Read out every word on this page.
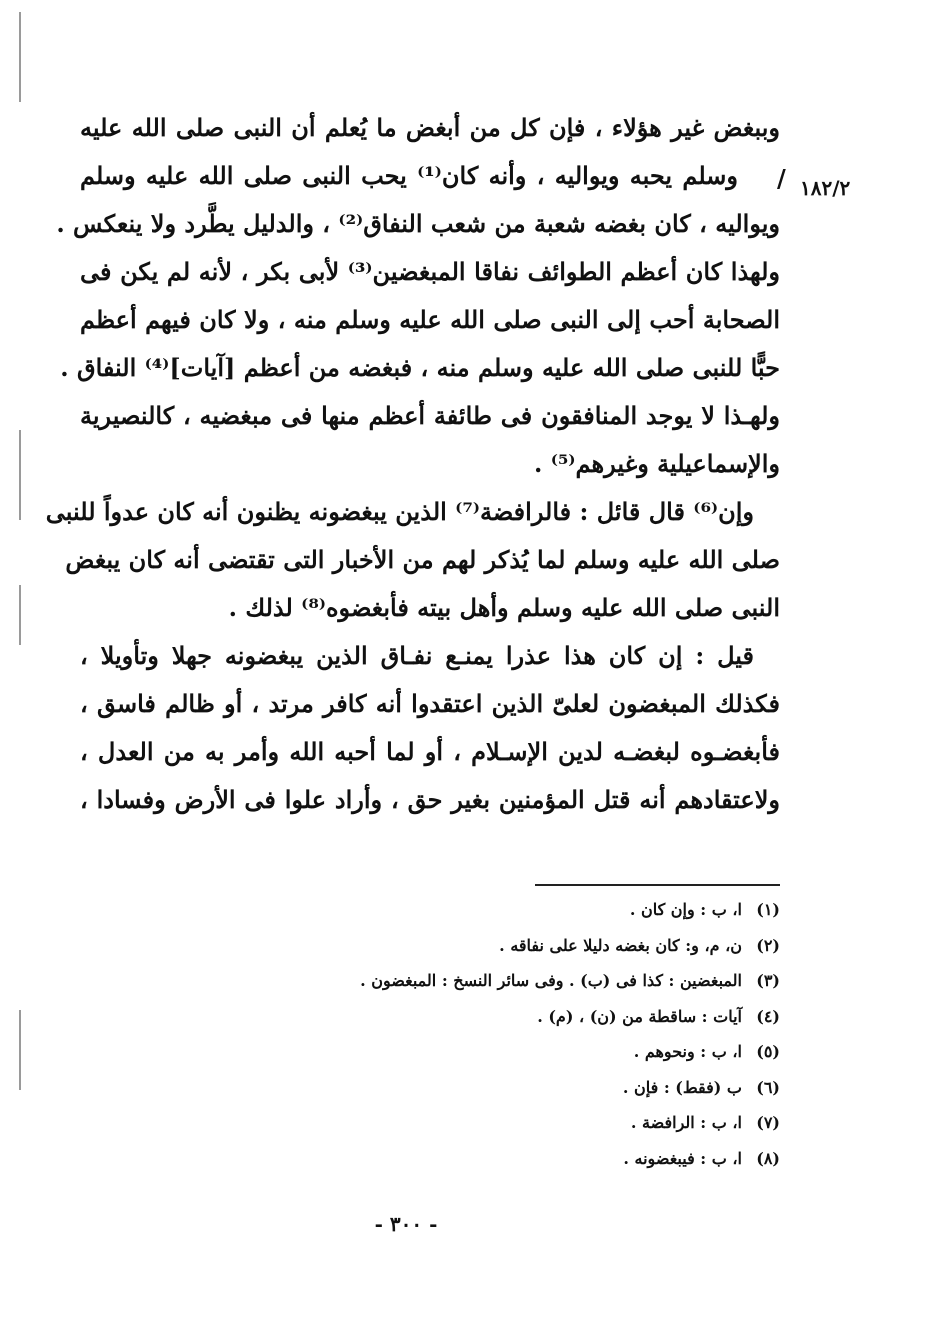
١٨٢/٢
/
وببغض غير هؤلاء ، فإن كل من أبغض ما يُعلم أن النبى صلى الله عليه
وسلم يحبه ويواليه ، وأنه كان⁽¹⁾ يحب النبى صلى الله عليه وسلم
ويواليه ، كان بغضه شعبة من شعب النفاق⁽²⁾ ، والدليل يطَّرد ولا ينعكس .
ولهذا كان أعظم الطوائف نفاقا المبغضين⁽³⁾ لأبى بكر ، لأنه لم يكن فى
الصحابة أحب إلى النبى صلى الله عليه وسلم منه ، ولا كان فيهم أعظم
حبًّا للنبى صلى الله عليه وسلم منه ، فبغضه من أعظم [آيات]⁽⁴⁾ النفاق .
ولهـذا لا يوجد المنافقون فى طائفة أعظم منها فى مبغضيه ، كالنصيرية
والإسماعيلية وغيرهم⁽⁵⁾ .
وإن⁽⁶⁾ قال قائل : فالرافضة⁽⁷⁾ الذين يبغضونه يظنون أنه كان عدواً للنبى
صلى الله عليه وسلم لما يُذكر لهم من الأخبار التى تقتضى أنه كان يبغض
النبى صلى الله عليه وسلم وأهل بيته فأبغضوه⁽⁸⁾ لذلك .
قيل : إن كان هذا عذرا يمنـع نفـاق الذين يبغضونه جهلا وتأويلا ،
فكذلك المبغضون لعلىّ الذين اعتقدوا أنه كافر مرتد ، أو ظالم فاسق ،
فأبغضـوه لبغضـه لدين الإسـلام ، أو لما أحبه الله وأمر به من العدل ،
ولاعتقادهم أنه قتل المؤمنين بغير حق ، وأراد علوا فى الأرض وفسادا ،
(١)ا، ب : وإن كان .
(٢)ن، م، و: كان بغضه دليلا على نفاقه .
(٣)المبغضين : كذا فى (ب) . وفى سائر النسخ : المبغضون .
(٤)آيات : ساقطة من (ن) ، (م) .
(٥)ا، ب : ونحوهم .
(٦)ب (فقط) : فإن .
(٧)ا، ب : الرافضة .
(٨)ا، ب : فيبغضونه .
- ٣٠٠ -
